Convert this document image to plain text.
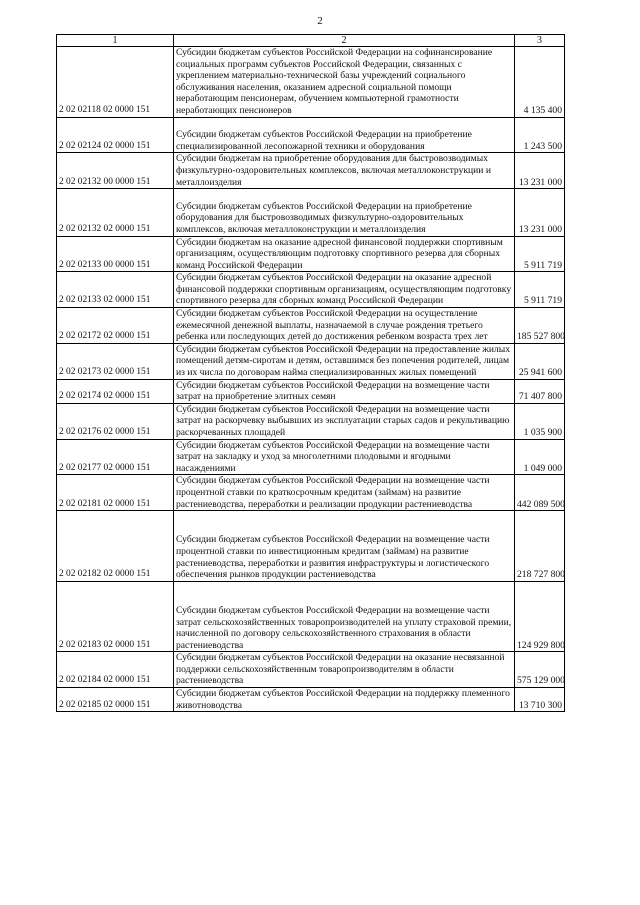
2
1	2	3
2 02 02118 02 0000 151	Субсидии бюджетам субъектов Российской Федерации на софинансирование социальных программ субъектов Российской Федерации, связанных с укреплением материально-технической базы учреждений социального обслуживания населения, оказанием адресной социальной помощи неработающим пенсионерам, обучением компьютерной грамотности неработающих пенсионеров	4 135 400
2 02 02124 02 0000 151	Субсидии бюджетам субъектов Российской Федерации на приобретение специализированной лесопожарной техники и оборудования	1 243 500
2 02 02132 00 0000 151	Субсидии бюджетам на приобретение оборудования для быстровозводимых физкультурно-оздоровительных комплексов, включая металлоконструкции и металлоизделия	13 231 000
2 02 02132 02 0000 151	Субсидии бюджетам субъектов Российской Федерации на приобретение оборудования для быстровозводимых физкультурно-оздоровительных комплексов, включая металлоконструкции и металлоизделия	13 231 000
2 02 02133 00 0000 151	Субсидии бюджетам на оказание адресной финансовой поддержки спортивным организациям, осуществляющим подготовку спортивного резерва для сборных команд Российской Федерации	5 911 719
2 02 02133 02 0000 151	Субсидии бюджетам субъектов Российской Федерации на оказание адресной финансовой поддержки спортивным организациям, осуществляющим подготовку спортивного резерва для сборных команд Российской Федерации	5 911 719
2 02 02172 02 0000 151	Субсидии бюджетам субъектов Российской Федерации на осуществление ежемесячной денежной выплаты, назначаемой в случае рождения третьего ребенка или последующих детей до достижения ребенком возраста трех лет	185 527 800
2 02 02173 02 0000 151	Субсидии бюджетам субъектов Российской Федерации на предоставление жилых помещений детям-сиротам и детям, оставшимся без попечения родителей, лицам из их числа по договорам найма специализированных жилых помещений	25 941 600
2 02 02174 02 0000 151	Субсидии бюджетам субъектов Российской Федерации на возмещение части затрат на приобретение элитных семян	71 407 800
2 02 02176 02 0000 151	Субсидии бюджетам субъектов Российской Федерации на возмещение части затрат на раскорчевку выбывших из эксплуатации старых садов и рекультивацию раскорчеванных площадей	1 035 900
2 02 02177 02 0000 151	Субсидии бюджетам субъектов Российской Федерации на возмещение части затрат на закладку и уход за многолетними плодовыми и ягодными насаждениями	1 049 000
2 02 02181 02 0000 151	Субсидии бюджетам субъектов Российской Федерации на возмещение части процентной ставки по краткосрочным кредитам (займам) на развитие растениеводства, переработки и реализации продукции растениеводства	442 089 500
2 02 02182 02 0000 151	Субсидии бюджетам субъектов Российской Федерации на возмещение части процентной ставки по инвестиционным кредитам (займам) на развитие растениеводства, переработки и развития инфраструктуры и логистического обеспечения рынков продукции растениеводства	218 727 800
2 02 02183 02 0000 151	Субсидии бюджетам субъектов Российской Федерации на возмещение части затрат сельскохозяйственных товаропроизводителей на уплату страховой премии, начисленной по договору сельскохозяйственного страхования в области растениеводства	124 929 800
2 02 02184 02 0000 151	Субсидии бюджетам субъектов Российской Федерации на оказание несвязанной поддержки сельскохозяйственным товаропроизводителям в области растениеводства	575 129 000
2 02 02185 02 0000 151	Субсидии бюджетам субъектов Российской Федерации на поддержку племенного животноводства	13 710 300
